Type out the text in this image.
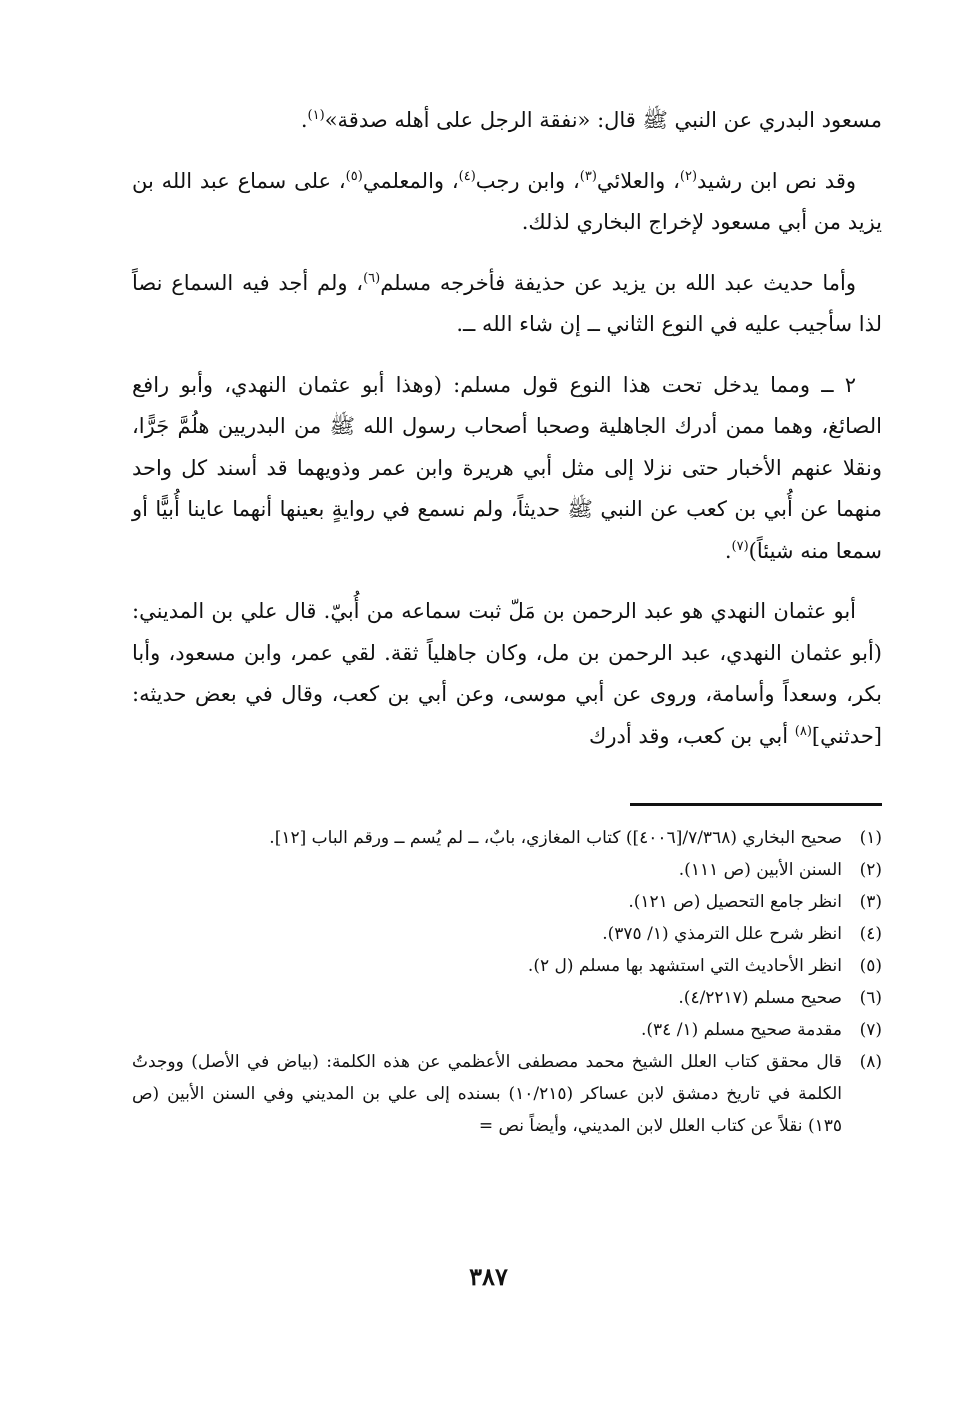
مسعود البدري عن النبي ﷺ قال: «نفقة الرجل على أهله صدقة»$^{(١)}$.

وقد نص ابن رشيد$^{(٢)}$، والعلائي$^{(٣)}$، وابن رجب$^{(٤)}$، والمعلمي$^{(٥)}$، على سماع عبد الله بن يزيد من أبي مسعود لإخراج البخاري لذلك.

وأما حديث عبد الله بن يزيد عن حذيفة فأخرجه مسلم$^{(٦)}$، ولم أجد فيه السماع نصاً لذا سأجيب عليه في النوع الثاني ــ إن شاء الله ــ.

٢ ــ ومما يدخل تحت هذا النوع قول مسلم: (وهذا أبو عثمان النهدي، وأبو رافع الصائغ، وهما ممن أدرك الجاهلية وصحبا أصحاب رسول الله ﷺ من البدريين هلُمَّ جَرًّا، ونقلا عنهم الأخبار حتى نزلا إلى مثل أبي هريرة وابن عمر وذويهما قد أسند كل واحد منهما عن أُبي بن كعب عن النبي ﷺ حديثاً، ولم نسمع في روايةٍ بعينها أنهما عاينا أُبيًّا أو سمعا منه شيئاً)$^{(٧)}$.

أبو عثمان النهدي هو عبد الرحمن بن مَلّ ثبت سماعه من أُبيّ. قال علي بن المديني: (أبو عثمان النهدي، عبد الرحمن بن مل، وكان جاهلياً ثقة. لقي عمر، وابن مسعود، وأبا بكر، وسعداً وأسامة، وروى عن أبي موسى، وعن أبي بن كعب، وقال في بعض حديثه: [حدثني]$^{(٨)}$ أبي بن كعب، وقد أدرك

(١)
صحيح البخاري (٧/٣٦٨/[٤٠٠٦]) كتاب المغازي، بابٌ، ــ لم يُسم ــ ورقم الباب [١٢].
(٢)
السنن الأبين (ص ١١١).
(٣)
انظر جامع التحصيل (ص ١٢١).
(٤)
انظر شرح علل الترمذي (١/ ٣٧٥).
(٥)
انظر الأحاديث التي استشهد بها مسلم (ل ٢).
(٦)
صحيح مسلم (٤/٢٢١٧).
(٧)
مقدمة صحيح مسلم (١/ ٣٤).
(٨)
قال محقق كتاب العلل الشيخ محمد مصطفى الأعظمي عن هذه الكلمة: (بياض في الأصل) ووجدتُ الكلمة في تاريخ دمشق لابن عساكر (١٠/٢١٥) بسنده إلى علي بن المديني وفي السنن الأبين (ص ١٣٥) نقلاً عن كتاب العلل لابن المديني، وأيضاً نص =
٣٨٧
